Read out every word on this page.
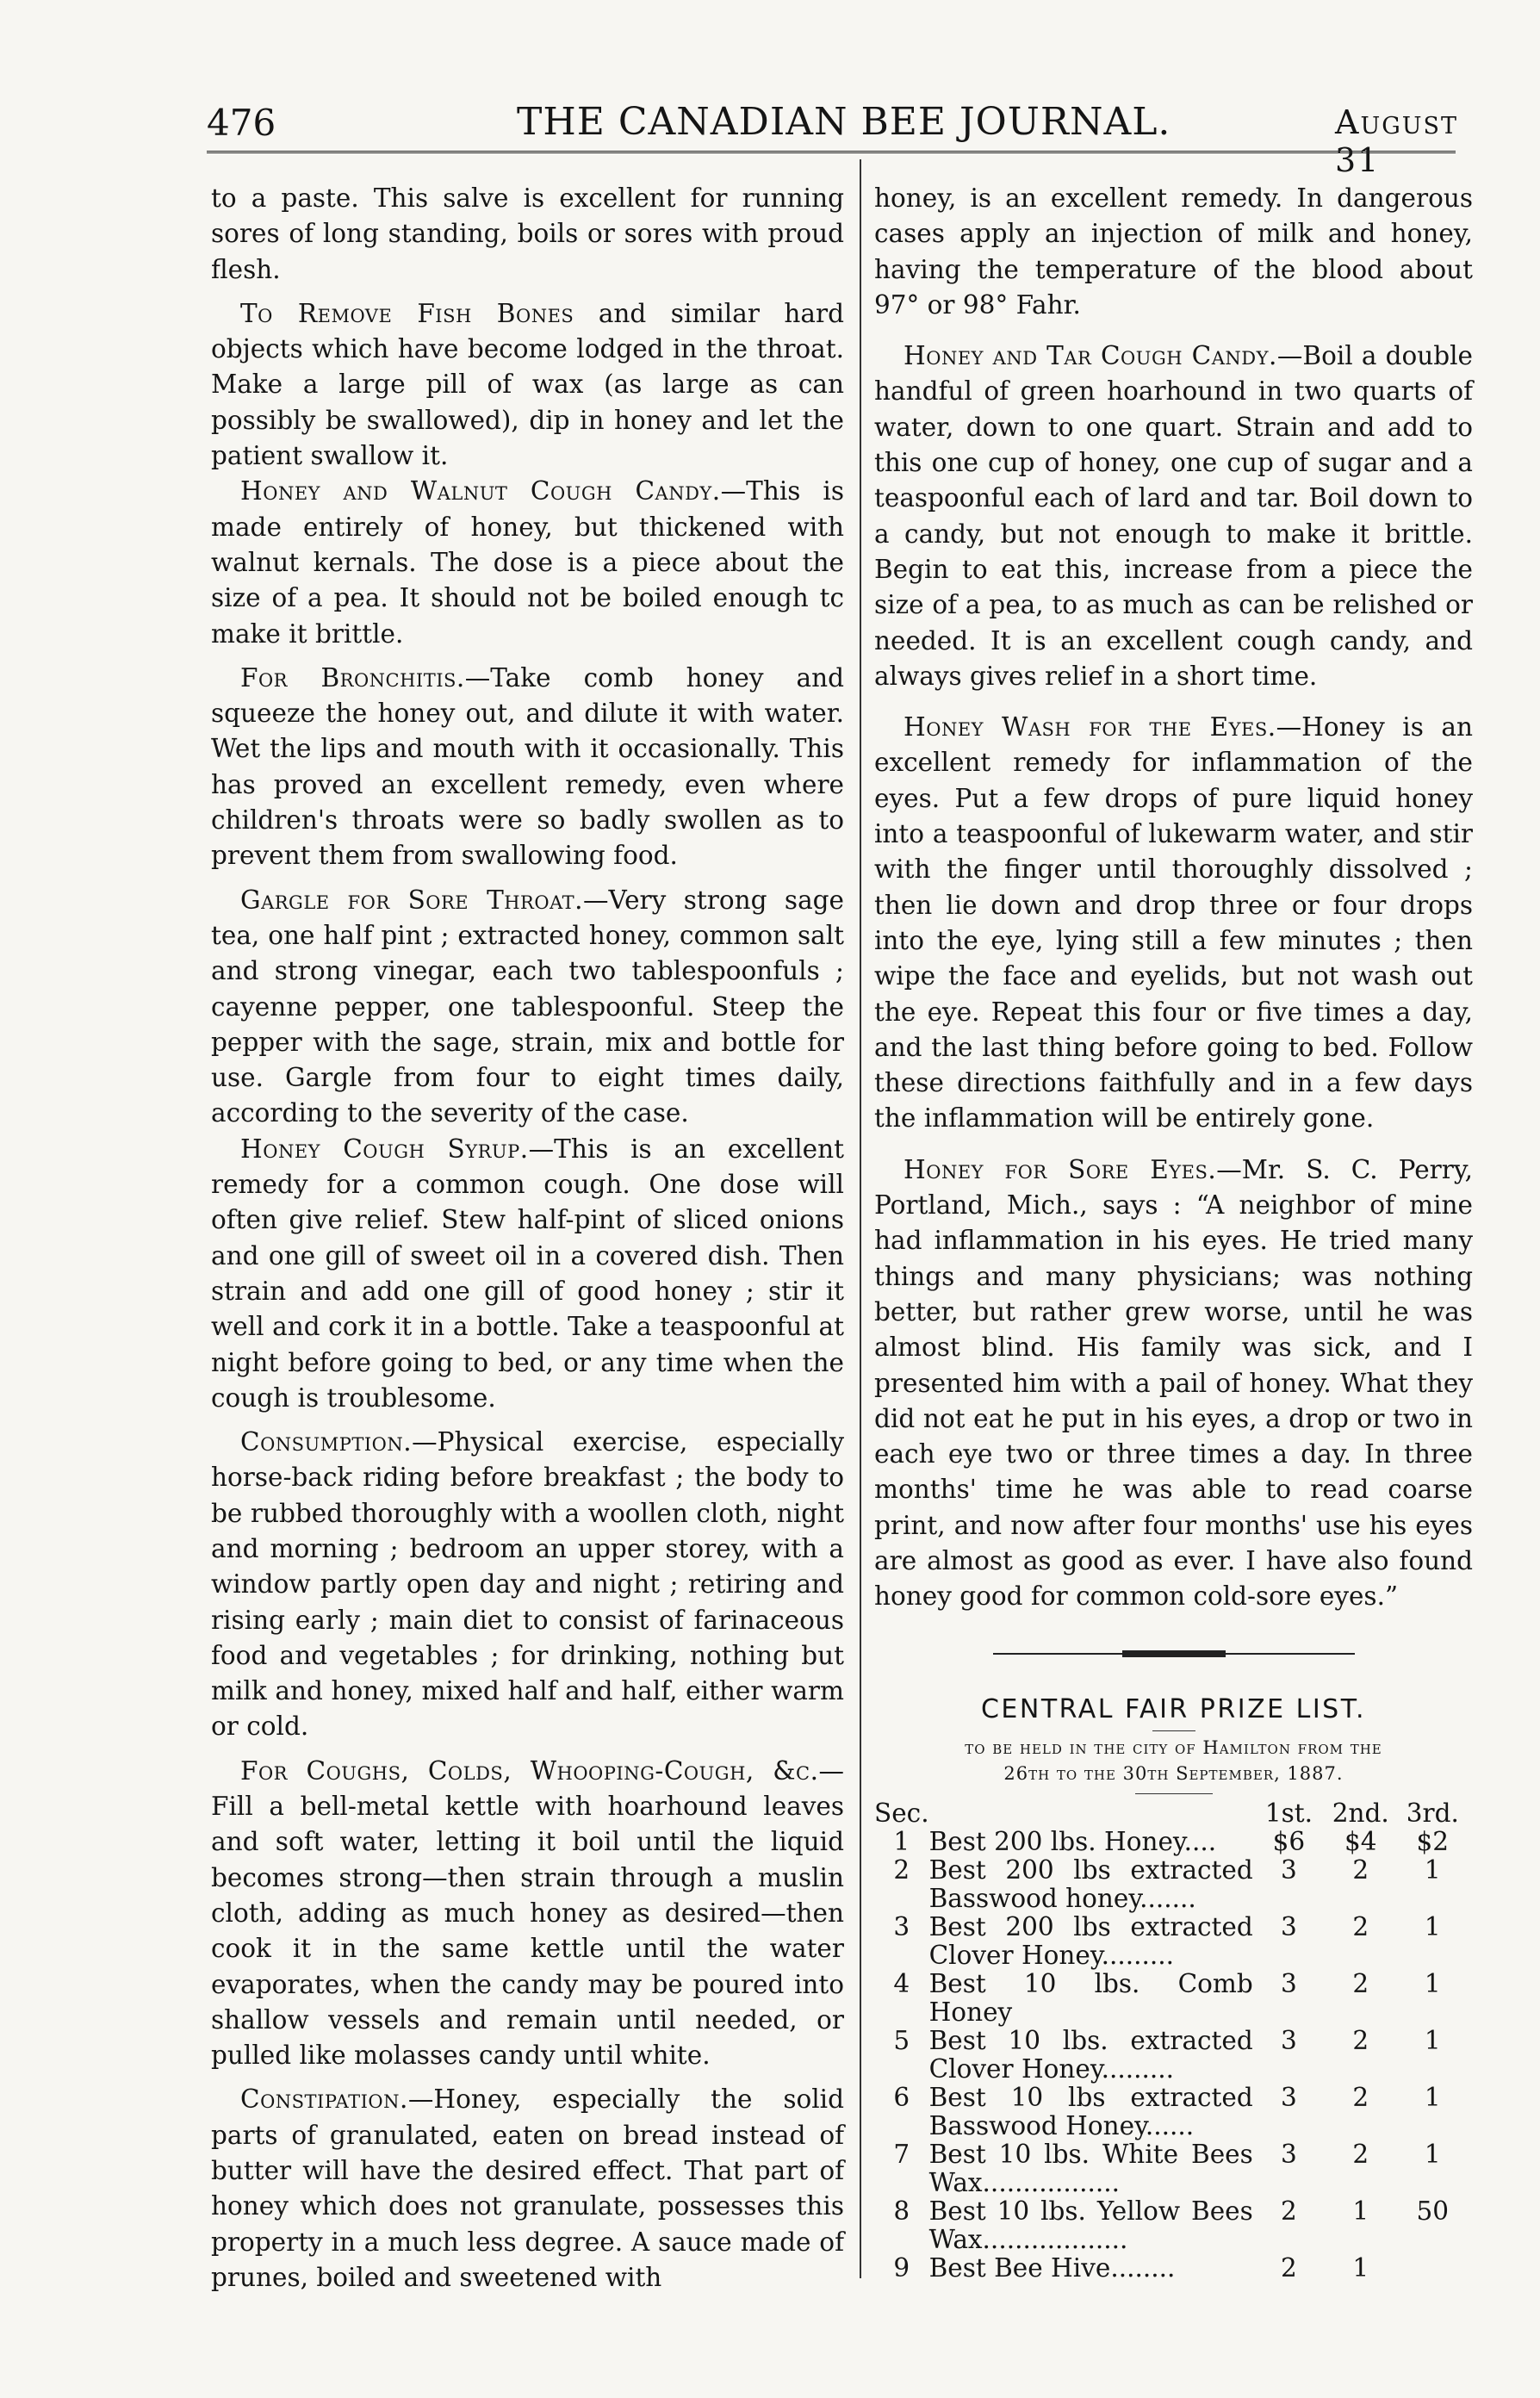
476	THE CANADIAN BEE JOURNAL.	August 31

to a paste. This salve is excellent for running sores of long standing, boils or sores with proud flesh.

To Remove Fish Bones and similar hard objects which have become lodged in the throat. Make a large pill of wax (as large as can possibly be swallowed), dip in honey and let the patient swallow it.

Honey and Walnut Cough Candy.—This is made entirely of honey, but thickened with walnut kernals. The dose is a piece about the size of a pea. It should not be boiled enough tc make it brittle.

For Bronchitis.—Take comb honey and squeeze the honey out, and dilute it with water. Wet the lips and mouth with it occasionally. This has proved an excellent remedy, even where children's throats were so badly swollen as to prevent them from swallowing food.

Gargle for Sore Throat.—Very strong sage tea, one half pint ; extracted honey, common salt and strong vinegar, each two tablespoonfuls ; cayenne pepper, one tablespoonful. Steep the pepper with the sage, strain, mix and bottle for use. Gargle from four to eight times daily, according to the severity of the case.

Honey Cough Syrup.—This is an excellent remedy for a common cough. One dose will often give relief. Stew half-pint of sliced onions and one gill of sweet oil in a covered dish. Then strain and add one gill of good honey ; stir it well and cork it in a bottle. Take a teaspoonful at night before going to bed, or any time when the cough is troublesome.

Consumption.—Physical exercise, especially horse-back riding before breakfast ; the body to be rubbed thoroughly with a woollen cloth, night and morning ; bedroom an upper storey, with a window partly open day and night ; retiring and rising early ; main diet to consist of farinaceous food and vegetables ; for drinking, nothing but milk and honey, mixed half and half, either warm or cold.

For Coughs, Colds, Whooping-Cough, &c.—Fill a bell-metal kettle with hoarhound leaves and soft water, letting it boil until the liquid becomes strong—then strain through a muslin cloth, adding as much honey as desired—then cook it in the same kettle until the water evaporates, when the candy may be poured into shallow vessels and remain until needed, or pulled like molasses candy until white.

Constipation.—Honey, especially the solid parts of granulated, eaten on bread instead of butter will have the desired effect. That part of honey which does not granulate, possesses this property in a much less degree. A sauce made of prunes, boiled and sweetened with

honey, is an excellent remedy. In dangerous cases apply an injection of milk and honey, having the temperature of the blood about 97° or 98° Fahr.

Honey and Tar Cough Candy.—Boil a double handful of green hoarhound in two quarts of water, down to one quart. Strain and add to this one cup of honey, one cup of sugar and a teaspoonful each of lard and tar. Boil down to a candy, but not enough to make it brittle. Begin to eat this, increase from a piece the size of a pea, to as much as can be relished or needed. It is an excellent cough candy, and always gives relief in a short time.

Honey Wash for the Eyes.—Honey is an excellent remedy for inflammation of the eyes. Put a few drops of pure liquid honey into a teaspoonful of lukewarm water, and stir with the finger until thoroughly dissolved ; then lie down and drop three or four drops into the eye, lying still a few minutes ; then wipe the face and eyelids, but not wash out the eye. Repeat this four or five times a day, and the last thing before going to bed. Follow these directions faithfully and in a few days the inflammation will be entirely gone.

Honey for Sore Eyes.—Mr. S. C. Perry, Portland, Mich., says : “A neighbor of mine had inflammation in his eyes. He tried many things and many physicians; was nothing better, but rather grew worse, until he was almost blind. His family was sick, and I presented him with a pail of honey. What they did not eat he put in his eyes, a drop or two in each eye two or three times a day. In three months' time he was able to read coarse print, and now after four months' use his eyes are almost as good as ever. I have also found honey good for common cold-sore eyes.”

CENTRAL FAIR PRIZE LIST.
to be held in the city of Hamilton from the
26th to the 30th September, 1887.
Sec.		1st.	2nd.	3rd.
1	Best 200 lbs. Honey....	$6	$4	$2
2	Best 200 lbs extracted Basswood honey.......	3	2	1
3	Best 200 lbs extracted Clover Honey.........	3	2	1
4	Best 10 lbs. Comb Honey	3	2	1
5	Best 10 lbs. extracted Clover Honey.........	3	2	1
6	Best 10 lbs extracted Basswood Honey......	3	2	1
7	Best 10 lbs. White Bees Wax.................	3	2	1
8	Best 10 lbs. Yellow Bees Wax..................	2	1	50
9	Best Bee Hive........	2	1	
